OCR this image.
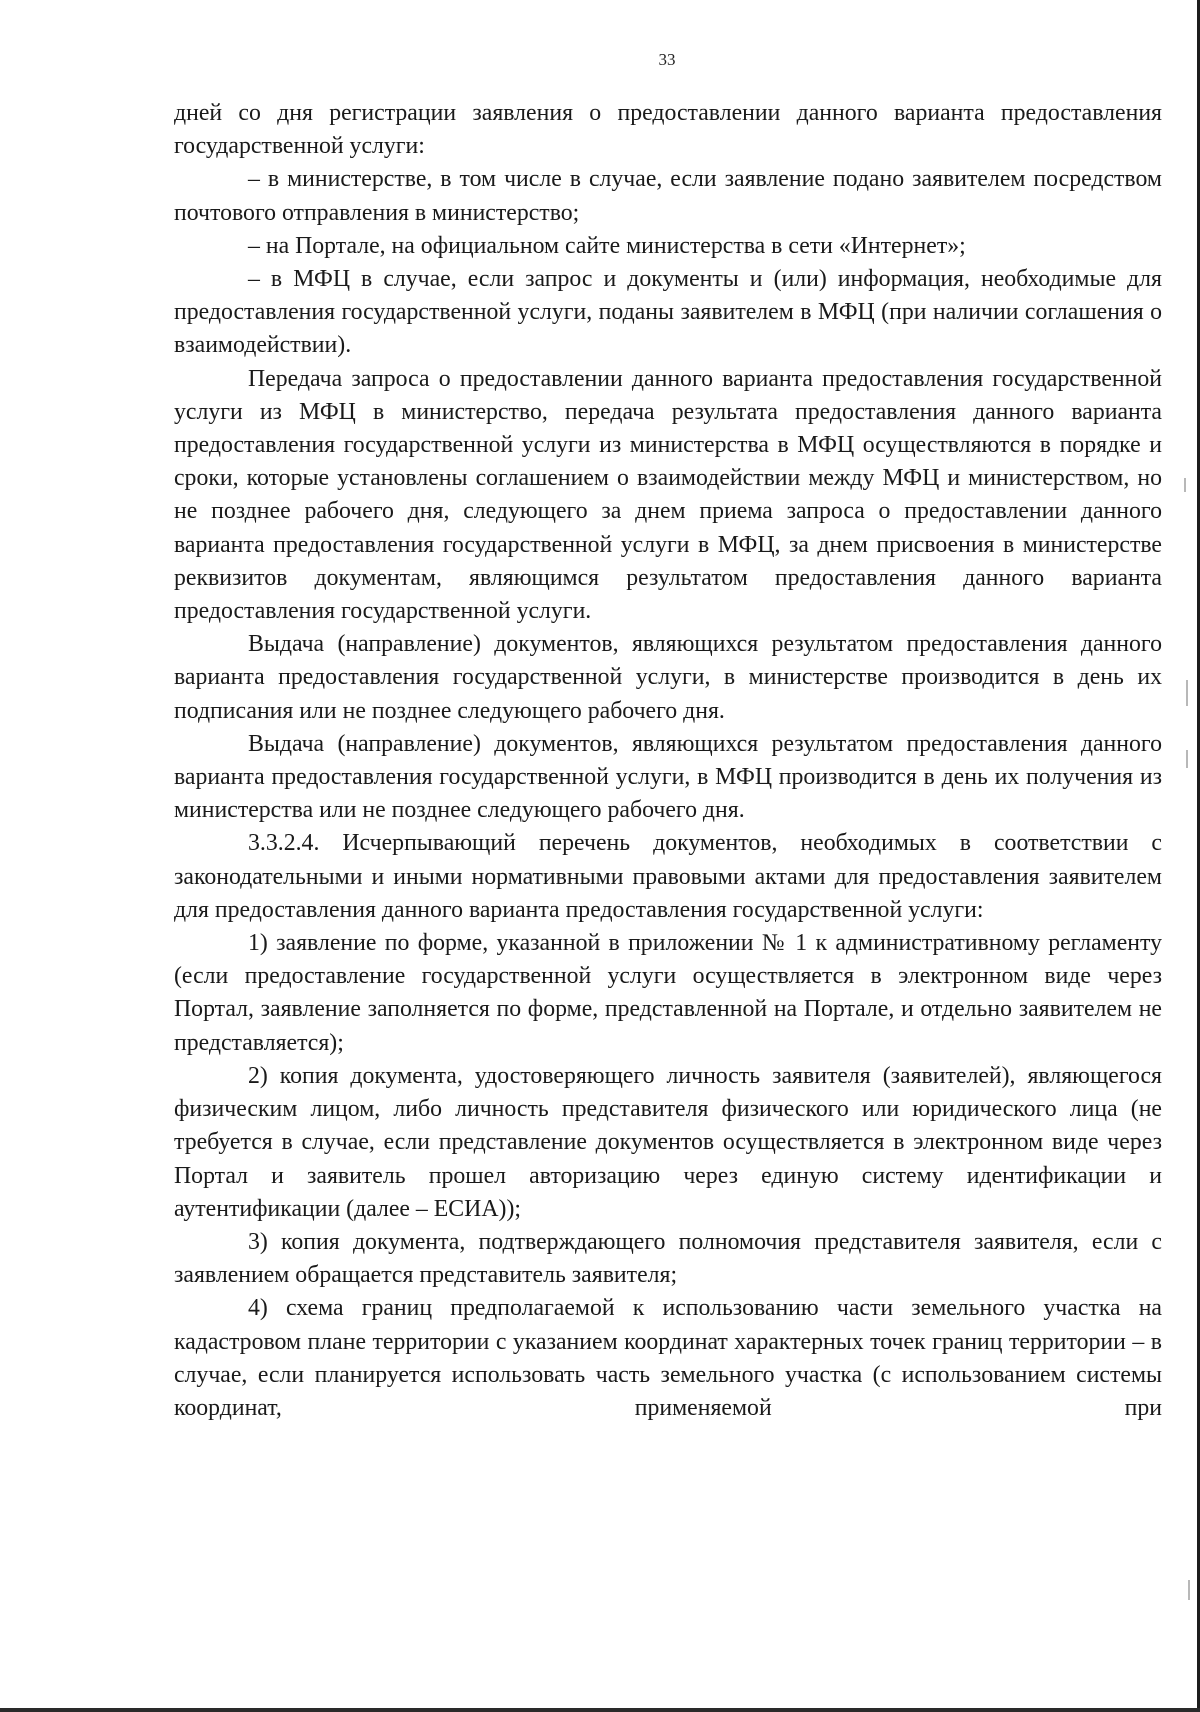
33

дней со дня регистрации заявления о предоставлении данного варианта предоставления государственной услуги:

– в министерстве, в том числе в случае, если заявление подано заявителем посредством почтового отправления в министерство;

– на Портале, на официальном сайте министерства в сети «Интернет»;

– в МФЦ в случае, если запрос и документы и (или) информация, необходимые для предоставления государственной услуги, поданы заявителем в МФЦ (при наличии соглашения о взаимодействии).

Передача запроса о предоставлении данного варианта предоставления государственной услуги из МФЦ в министерство, передача результата предоставления данного варианта предоставления государственной услуги из министерства в МФЦ осуществляются в порядке и сроки, которые установлены соглашением о взаимодействии между МФЦ и министерством, но не позднее рабочего дня, следующего за днем приема запроса о предоставлении данного варианта предоставления государственной услуги в МФЦ, за днем присвоения в министерстве реквизитов документам, являющимся результатом предоставления данного варианта предоставления государственной услуги.

Выдача (направление) документов, являющихся результатом предоставления данного варианта предоставления государственной услуги, в министерстве производится в день их подписания или не позднее следующего рабочего дня.

Выдача (направление) документов, являющихся результатом предоставления данного варианта предоставления государственной услуги, в МФЦ производится в день их получения из министерства или не позднее следующего рабочего дня.

3.3.2.4. Исчерпывающий перечень документов, необходимых в соответствии с законодательными и иными нормативными правовыми актами для предоставления заявителем для предоставления данного варианта предоставления государственной услуги:

1) заявление по форме, указанной в приложении № 1 к административному регламенту (если предоставление государственной услуги осуществляется в электронном виде через Портал, заявление заполняется по форме, представленной на Портале, и отдельно заявителем не представляется);

2) копия документа, удостоверяющего личность заявителя (заявителей), являющегося физическим лицом, либо личность представителя физического или юридического лица (не требуется в случае, если представление документов осуществляется в электронном виде через Портал и заявитель прошел авторизацию через единую систему идентификации и аутентификации (далее – ЕСИА));

3) копия документа, подтверждающего полномочия представителя заявителя, если с заявлением обращается представитель заявителя;

4) схема границ предполагаемой к использованию части земельного участка на кадастровом плане территории с указанием координат характерных точек границ территории – в случае, если планируется использовать часть земельного участка (с использованием системы координат, применяемой при
